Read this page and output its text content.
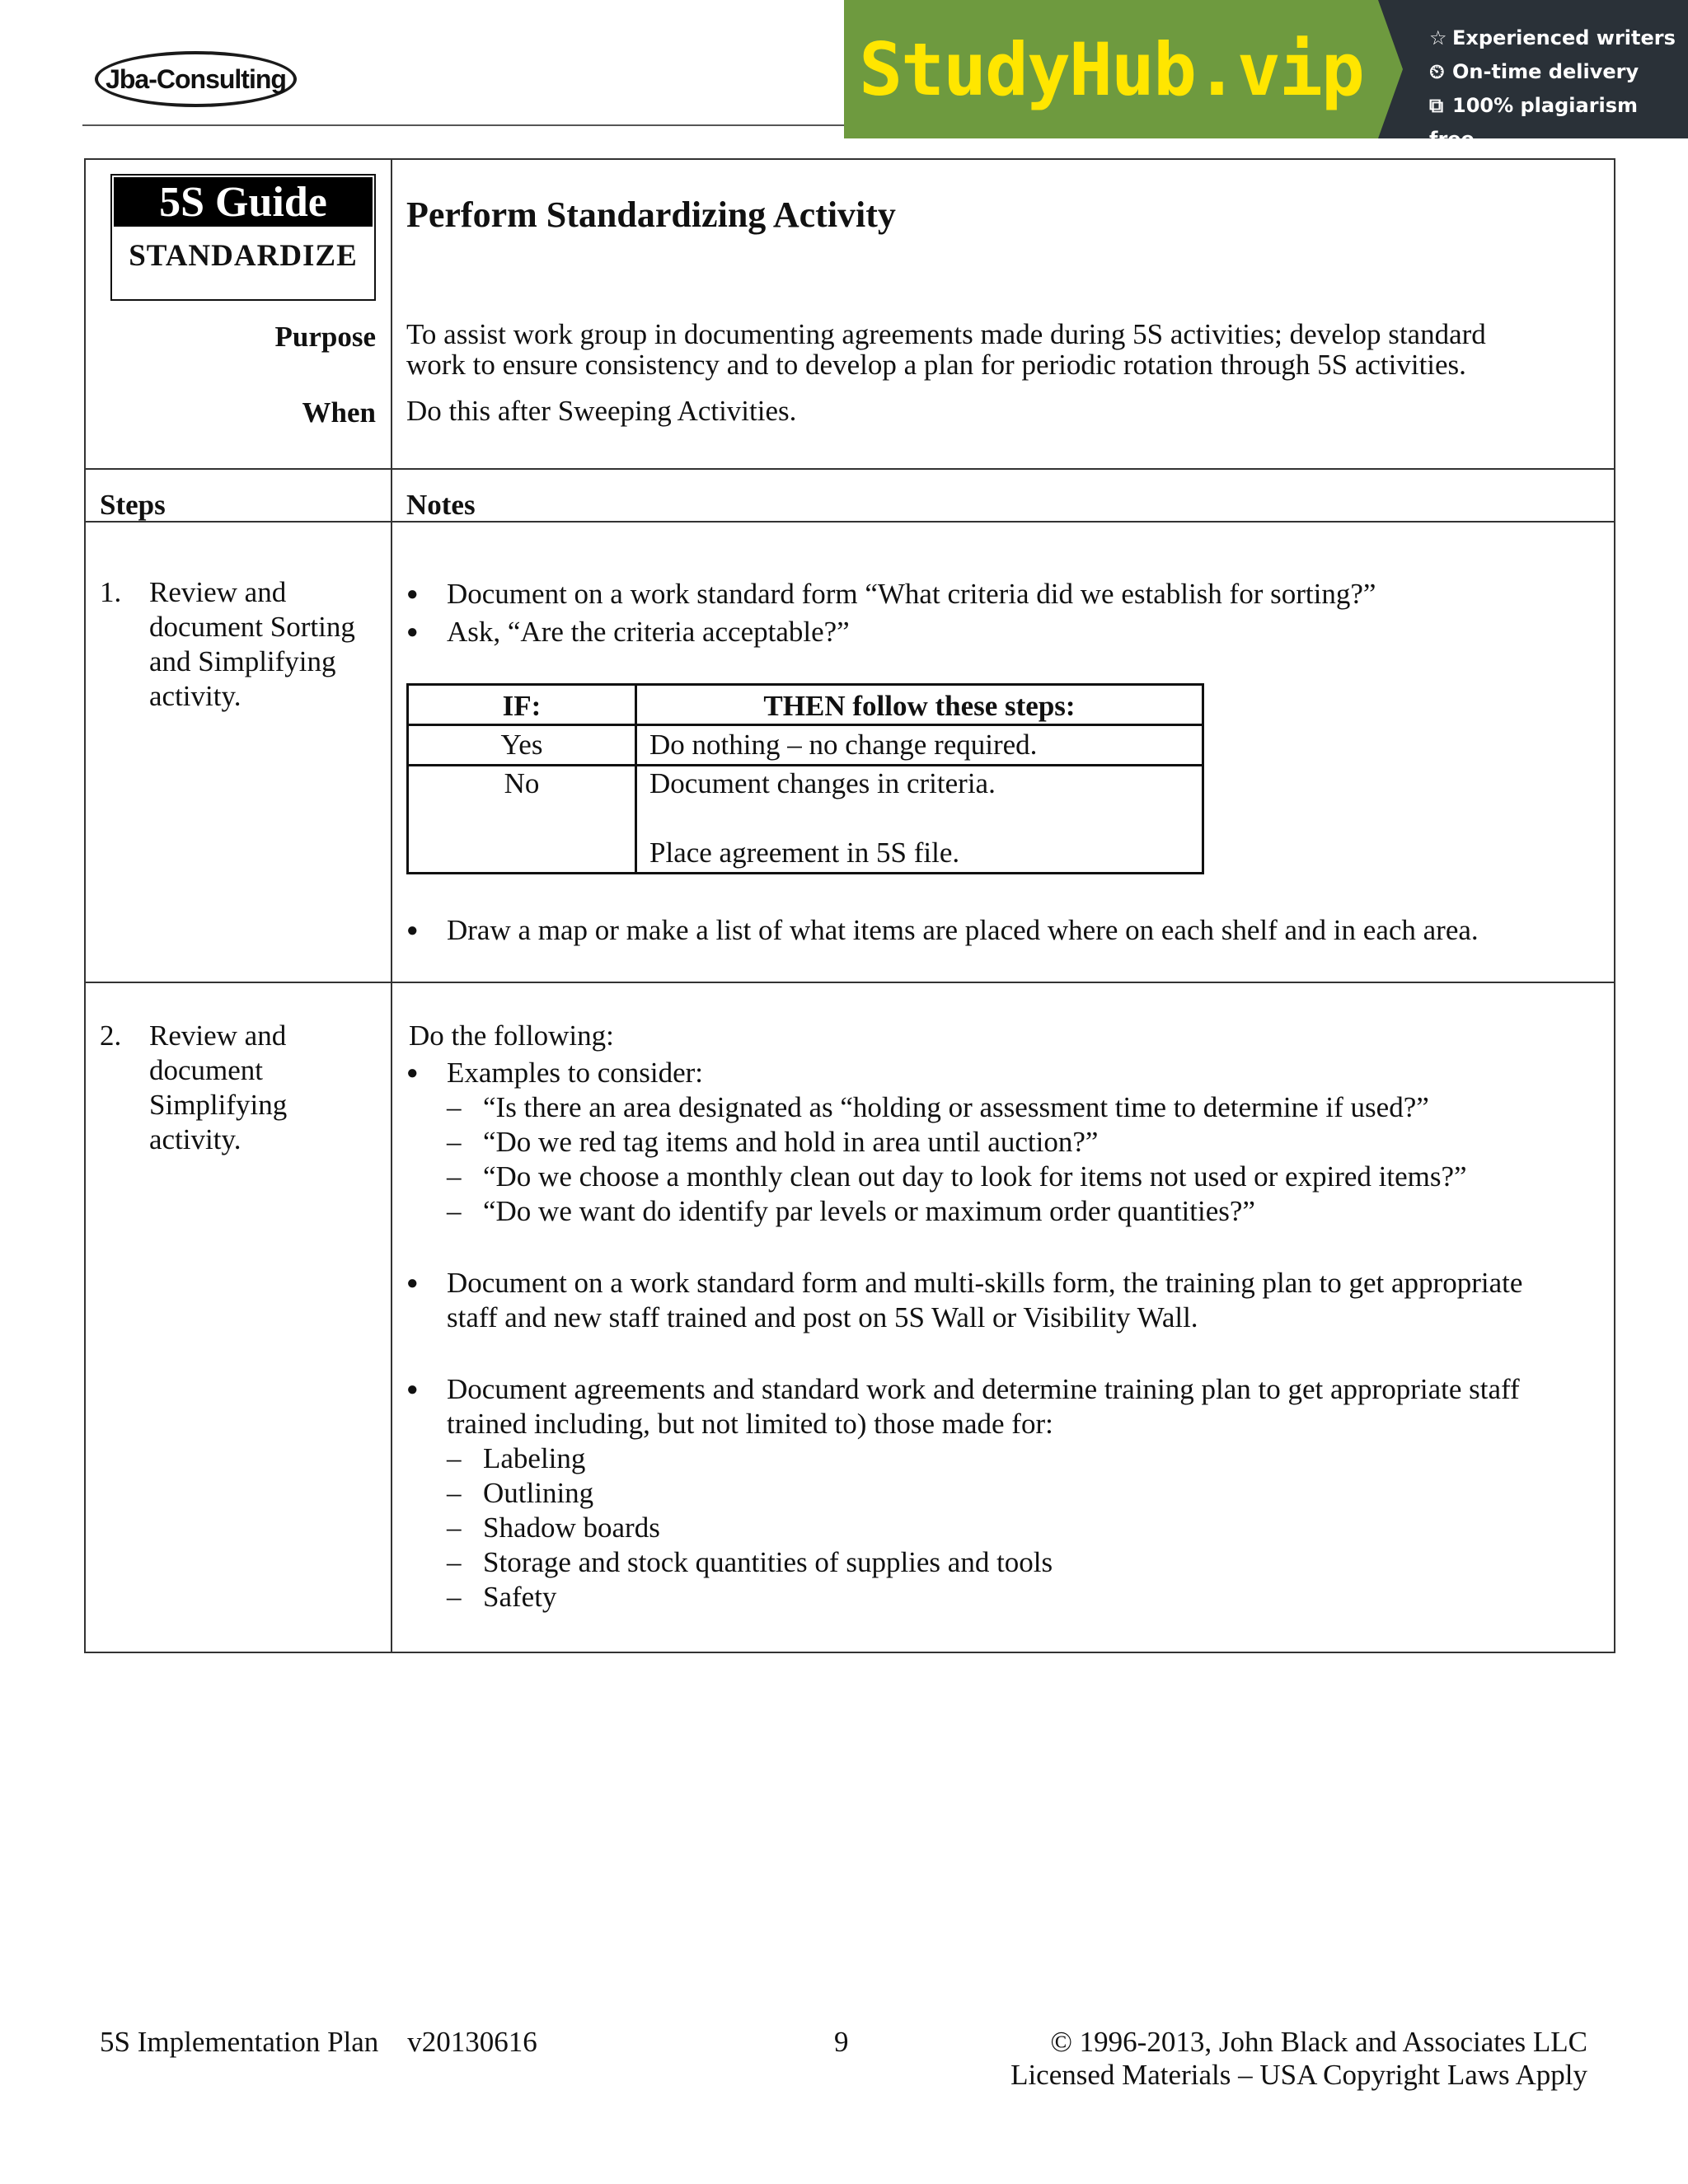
Jba-Consulting	StudyHub.vip	☆ Experienced writers
⏲ On-time delivery
⧉ 100% plagiarism free
5S Guide
STANDARDIZE
Perform Standardizing Activity
Purpose To assist work group in documenting agreements made during 5S activities; develop standard
work to ensure consistency and to develop a plan for periodic rotation through 5S activities.
When Do this after Sweeping Activities.
Steps	Notes
1. Review and
document Sorting
and Simplifying
activity.
● Document on a work standard form “What criteria did we establish for sorting?”
● Ask, “Are the criteria acceptable?”
IF:	THEN follow these steps:
Yes	Do nothing – no change required.
No	Document changes in criteria.
Place agreement in 5S file.
● Draw a map or make a list of what items are placed where on each shelf and in each area.
2. Review and
document
Simplifying
activity.
Do the following:
● Examples to consider:
– “Is there an area designated as “holding or assessment time to determine if used?”
– “Do we red tag items and hold in area until auction?”
– “Do we choose a monthly clean out day to look for items not used or expired items?”
– “Do we want do identify par levels or maximum order quantities?”
● Document on a work standard form and multi-skills form, the training plan to get appropriate
staff and new staff trained and post on 5S Wall or Visibility Wall.
● Document agreements and standard work and determine training plan to get appropriate staff
trained including, but not limited to) those made for:
– Labeling
– Outlining
– Shadow boards
– Storage and stock quantities of supplies and tools
– Safety
5S Implementation Plan v20130616	9	© 1996-2013, John Black and Associates LLC
Licensed Materials – USA Copyright Laws Apply
